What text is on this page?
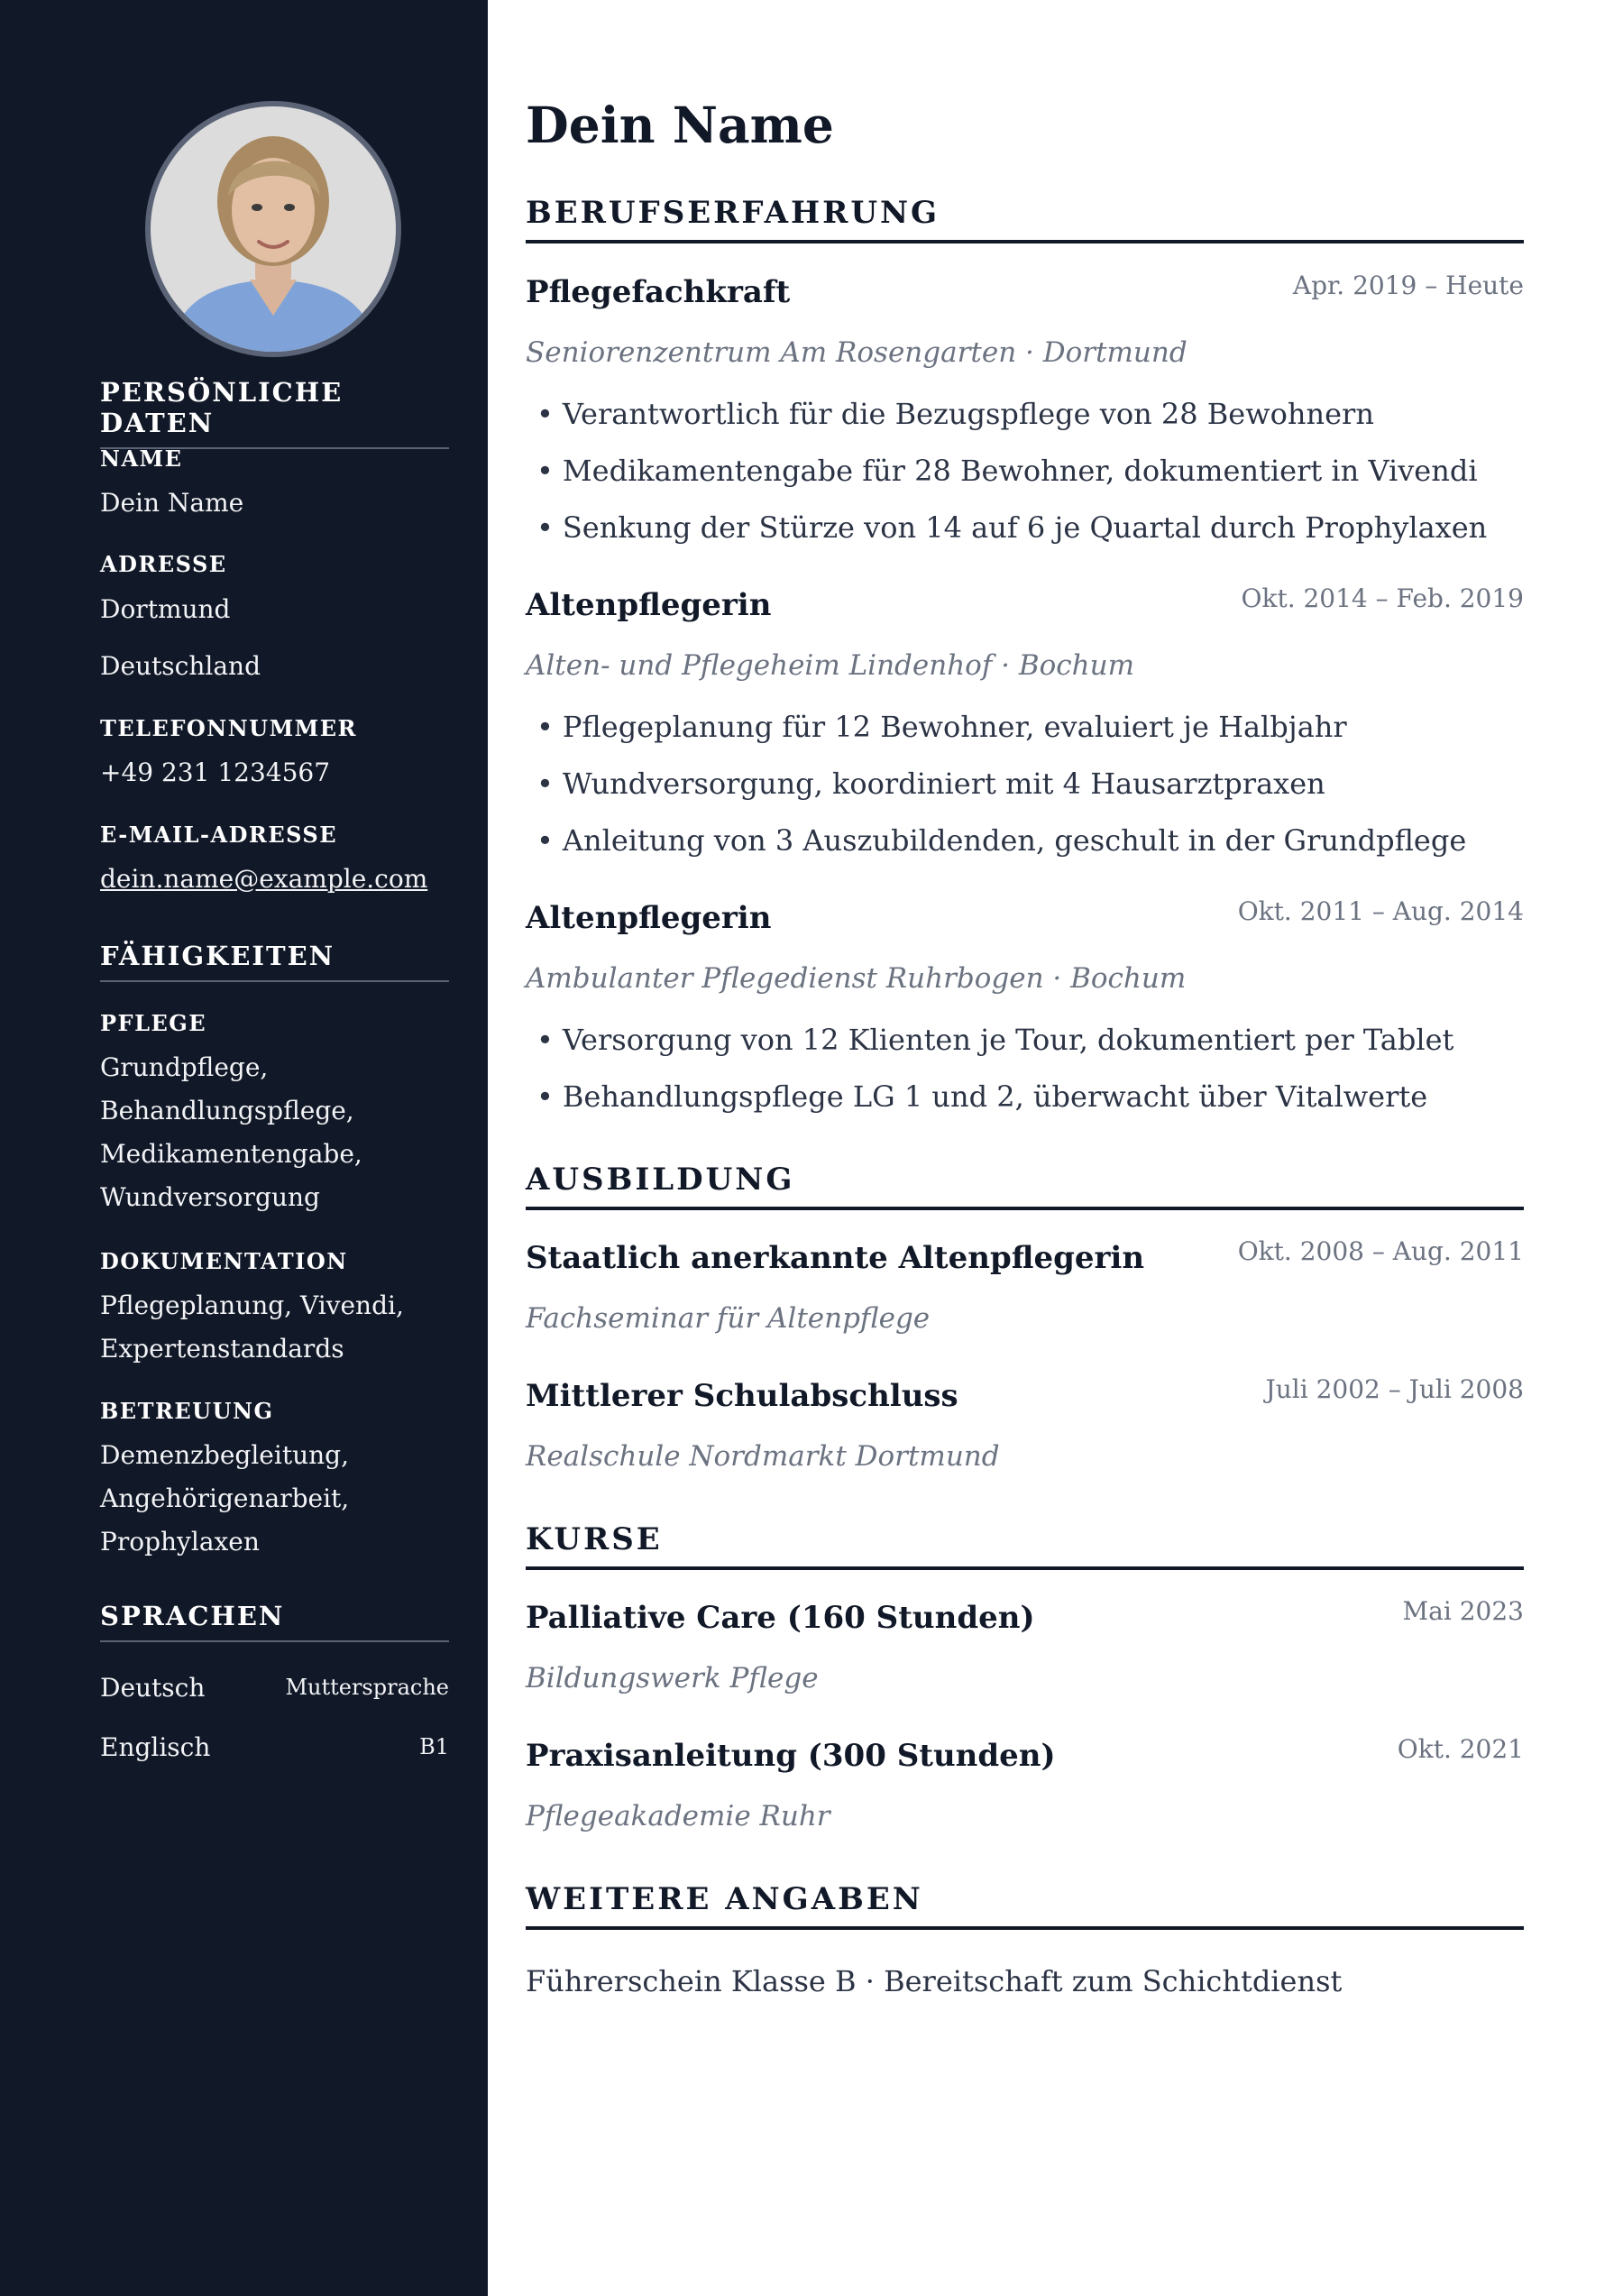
PERSÖNLICHE DATEN
NAME
Dein Name
ADRESSE
Dortmund
Deutschland
TELEFONNUMMER
+49 231 1234567
E-MAIL-ADRESSE
dein.name@example.com
FÄHIGKEITEN
PFLEGE
Grundpflege,
Behandlungspflege,
Medikamentengabe,
Wundversorgung
DOKUMENTATION
Pflegeplanung, Vivendi,
Expertenstandards
BETREUUNG
Demenzbegleitung,
Angehörigenarbeit,
Prophylaxen
SPRACHEN
Deutsch	Muttersprache
Englisch	B1
Dein Name
BERUFSERFAHRUNG
Pflegefachkraft	Apr. 2019 – Heute
Seniorenzentrum Am Rosengarten · Dortmund
• Verantwortlich für die Bezugspflege von 28 Bewohnern
• Medikamentengabe für 28 Bewohner, dokumentiert in Vivendi
• Senkung der Stürze von 14 auf 6 je Quartal durch Prophylaxen
Altenpflegerin	Okt. 2014 – Feb. 2019
Alten- und Pflegeheim Lindenhof · Bochum
• Pflegeplanung für 12 Bewohner, evaluiert je Halbjahr
• Wundversorgung, koordiniert mit 4 Hausarztpraxen
• Anleitung von 3 Auszubildenden, geschult in der Grundpflege
Altenpflegerin	Okt. 2011 – Aug. 2014
Ambulanter Pflegedienst Ruhrbogen · Bochum
• Versorgung von 12 Klienten je Tour, dokumentiert per Tablet
• Behandlungspflege LG 1 und 2, überwacht über Vitalwerte
AUSBILDUNG
Staatlich anerkannte Altenpflegerin	Okt. 2008 – Aug. 2011
Fachseminar für Altenpflege
Mittlerer Schulabschluss	Juli 2002 – Juli 2008
Realschule Nordmarkt Dortmund
KURSE
Palliative Care (160 Stunden)	Mai 2023
Bildungswerk Pflege
Praxisanleitung (300 Stunden)	Okt. 2021
Pflegeakademie Ruhr
WEITERE ANGABEN
Führerschein Klasse B · Bereitschaft zum Schichtdienst
